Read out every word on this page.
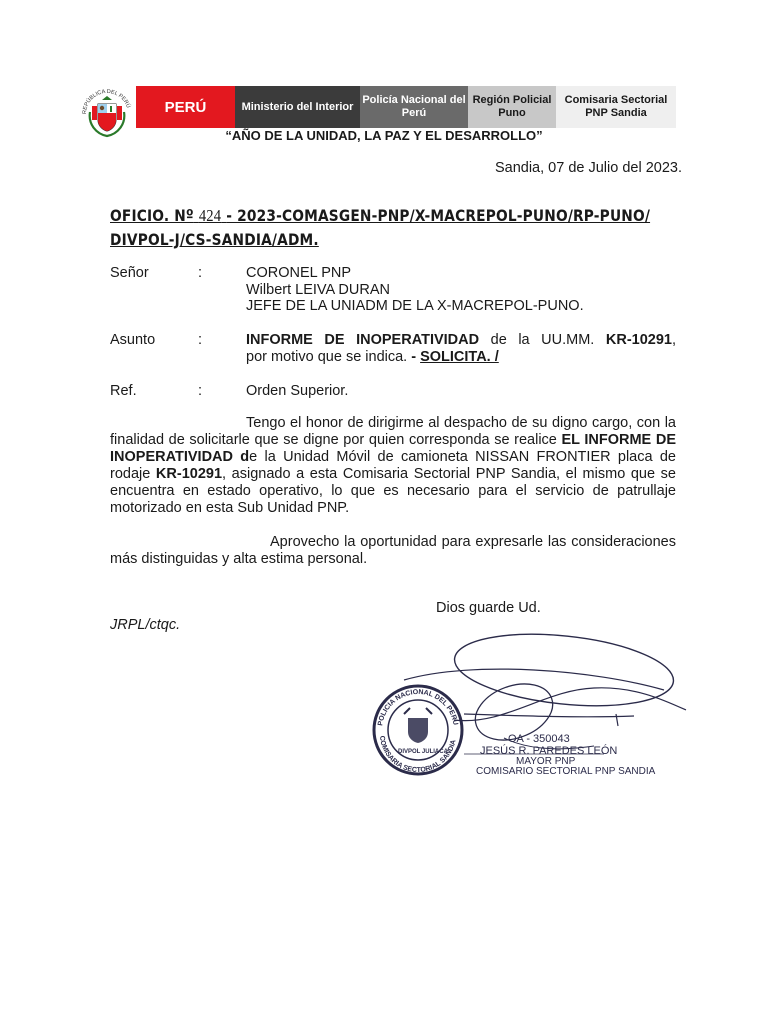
REPÚBLICA DEL PERÚ	PERÚ	Ministerio del Interior
Policía Nacional del Perú
Región Policial Puno
Comisaria Sectorial PNP Sandia
“AÑO DE LA UNIDAD, LA PAZ Y EL DESARROLLO”
Sandia, 07 de Julio del 2023.
OFICIO. Nº 424 - 2023-COMASGEN-PNP/X-MACREPOL-PUNO/RP-PUNO/
DIVPOL-J/CS-SANDIA/ADM.
Señor	:	CORONEL PNP
Wilbert LEIVA DURAN
JEFE DE LA UNIADM DE LA X-MACREPOL-PUNO.
Asunto	:	INFORME DE INOPERATIVIDAD de la UU.MM. KR-10291,
por motivo que se indica. - SOLICITA. /
Ref.	:	Orden Superior.
Tengo el honor de dirigirme al despacho de su digno cargo, con la finalidad de solicitarle que se digne por quien corresponda se realice EL INFORME DE INOPERATIVIDAD de la Unidad Móvil de camioneta NISSAN FRONTIER placa de rodaje KR-10291, asignado a esta Comisaria Sectorial PNP Sandia, el mismo que se encuentra en estado operativo, lo que es necesario para el servicio de patrullaje motorizado en esta Sub Unidad PNP.
Aprovecho la oportunidad para expresarle las consideraciones más distinguidas y alta estima personal.
Dios guarde Ud.
JRPL/ctqc.
POLICIA NACIONAL DEL PERU
COMISARIA SECTORIAL SANDIA
DIVPOL JULIACA
OA - 350043
JESÚS R. PAREDES LEÓN
MAYOR PNP
COMISARIO SECTORIAL PNP SANDIA
